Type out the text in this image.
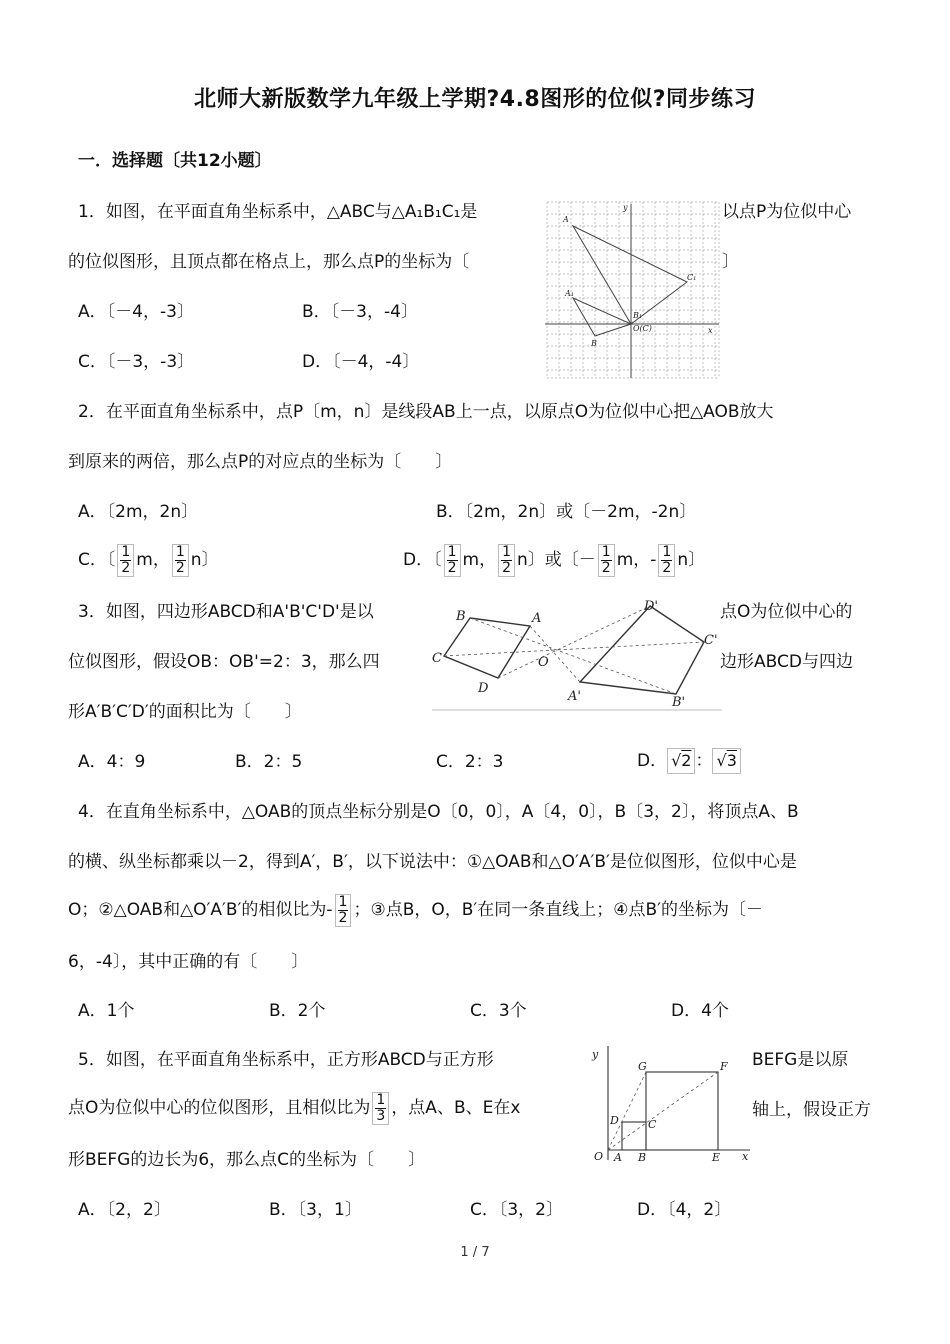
北师大新版数学九年级上学期?4.8图形的位似?同步练习
一．选择题〔共12小题〕
1．如图，在平面直角坐标系中，△ABC与△A₁B₁C₁是	以点P为位似中心
的位似图形，且顶点都在格点上，那么点P的坐标为〔	〕
A．〔－4，-3〕	B．〔－3，-4〕
C．〔－3，-3〕	D．〔－4，-4〕
y
x
A
A₁
B
B₁
C₁
O(C)
2．在平面直角坐标系中，点P〔m，n〕是线段AB上一点，以原点O为位似中心把△AOB放大
到原来的两倍，那么点P的对应点的坐标为〔　　〕
A．〔2m，2n〕	B．〔2m，2n〕或〔－2m，-2n〕
C．〔 $\frac{1}{2}$ m， $\frac{1}{2}$ n〕	D．〔 $\frac{1}{2}$ m， $\frac{1}{2}$ n〕或〔－ $\frac{1}{2}$ m，- $\frac{1}{2}$ n〕
3．如图，四边形ABCD和A'B'C'D'是以	点O为位似中心的
位似图形，假设OB：OB'=2：3，那么四	边形ABCD与四边
形A′B′C′D′的面积比为〔　　〕
A．4：9	B．2：5	C．2：3	D． √2 ： √3
B	A
C
D
O
D'
C'
B'
A'
4．在直角坐标系中，△OAB的顶点坐标分别是O〔0，0〕，A〔4，0〕，B〔3，2〕，将顶点A、B
的横、纵坐标都乘以－2，得到A′，B′，以下说法中：①△OAB和△O′A′B′是位似图形，位似中心是
O；②△OAB和△O′A′B′的相似比为- $\frac{1}{2}$ ；③点B，O，B′在同一条直线上；④点B′的坐标为〔－
6，-4〕，其中正确的有〔　　〕
A．1个	B．2个	C．3个	D．4个
5．如图，在平面直角坐标系中，正方形ABCD与正方形	BEFG是以原
点O为位似中心的位似图形，且相似比为 $\frac{1}{3}$ ，点A、B、E在x	轴上，假设正方
形BEFG的边长为6，那么点C的坐标为〔　　〕
A．〔2，2〕	B．〔3，1〕	C．〔3，2〕	D．〔4，2〕
y
x
O A B
C
D
E
F
G
1 / 7
